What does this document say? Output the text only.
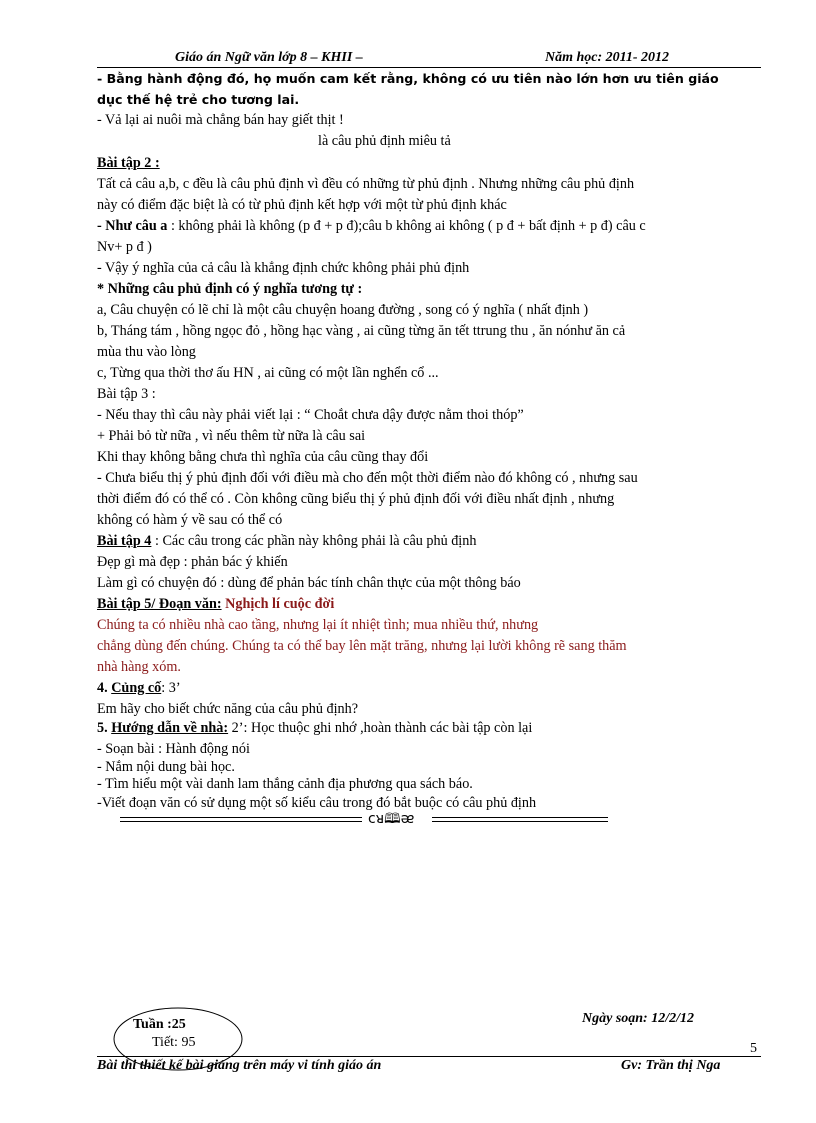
Giáo án Ngữ văn lớp 8 – KHII –	Năm học: 2011- 2012
- Bằng hành động đó, họ muốn cam kết rằng, không có ưu tiên nào lớn hơn ưu tiên giáo
dục thế hệ trẻ cho tương lai.
- Vả lại ai nuôi mà chẳng bán hay giết thịt !
là câu phủ định miêu tả
Bài tập 2 :
Tất cả câu a,b, c đều là câu phủ định vì đều có những từ phủ định . Nhưng những câu phủ định
này có điểm đặc biệt là có từ phủ định kết hợp với một từ phủ định khác
- Như câu a : không phải là không (p đ + p đ);câu b không ai không ( p đ + bất định + p đ) câu c
Nv+ p đ )
- Vậy ý nghĩa của cả câu là khẳng định chức không phải phủ định
* Những câu phủ định có ý nghĩa tương tự :
a, Câu chuyện có lẽ chỉ là một câu chuyện hoang đường , song có ý nghĩa ( nhất định )
b, Tháng tám , hồng ngọc đỏ , hồng hạc vàng , ai cũng từng ăn tết ttrung thu , ăn nónhư ăn cả
mùa thu vào lòng
c, Từng qua thời thơ ấu HN , ai cũng có một lần nghển cổ ...
Bài tập 3 :
- Nếu thay thì câu này phải viết lại : “ Choắt chưa dậy được nằm thoi thóp”
+ Phải bỏ từ nữa , vì nếu thêm từ nữa là câu sai
Khi thay không bằng chưa thì nghĩa của câu cũng thay đổi
- Chưa biểu thị ý phủ định đối với điều mà cho đến một thời điểm nào đó không có , nhưng sau
thời điểm đó có thể có . Còn không cũng biểu thị ý phủ định đối với điều nhất định , nhưng
không có hàm ý về sau có thể có
Bài tập 4 : Các câu trong các phần này không phải là câu phủ định
Đẹp gì mà đẹp : phản bác ý khiến
Làm gì có chuyện đó : dùng để phản bác tính chân thực của một thông báo
Bài tập 5/ Đoạn văn: Nghịch lí cuộc đời
Chúng ta có nhiều nhà cao tầng, nhưng lại ít nhiệt tình; mua nhiều thứ, nhưng
chẳng dùng đến chúng. Chúng ta có thể bay lên mặt trăng, nhưng lại lười không rẽ sang thăm
nhà hàng xóm.
4. Củng cố: 3’
Em hãy cho biết chức năng của câu phủ định?
5. Hướng dẫn về nhà: 2’: Học thuộc ghi nhớ ,hoàn thành các bài tập còn lại
- Soạn bài : Hành động nói
- Nắm nội dung bài học.
- Tìm hiểu một vài danh lam thắng cảnh địa phương qua sách báo.
-Viết đoạn văn có sử dụng một số kiểu câu trong đó bắt buộc có câu phủ định
ᴄᴚ🕮ᴂ
Ngày soạn: 12/2/12
Tuần :25
Tiết: 95	5
Bài thi thiết kế bài giảng trên máy vi tính giáo án	Gv: Trần thị Nga
